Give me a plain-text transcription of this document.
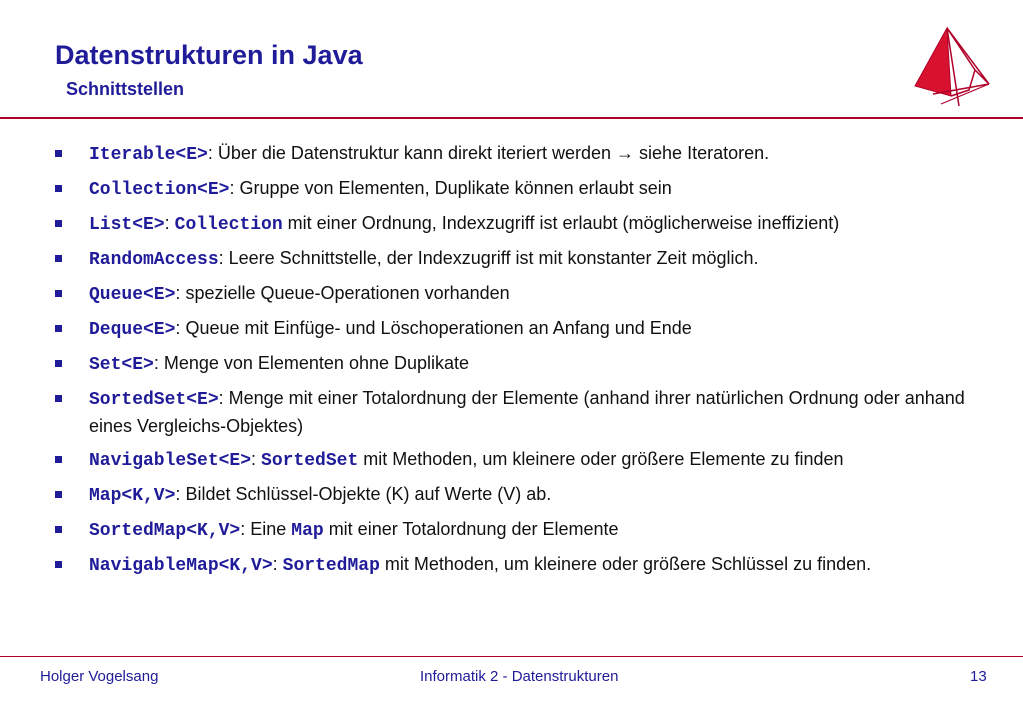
Datenstrukturen in Java
Schnittstellen
Iterable<E>: Über die Datenstruktur kann direkt iteriert werden → siehe Iteratoren.
Collection<E>: Gruppe von Elementen, Duplikate können erlaubt sein
List<E>: Collection mit einer Ordnung, Indexzugriff ist erlaubt (möglicherweise ineffizient)
RandomAccess: Leere Schnittstelle, der Indexzugriff ist mit konstanter Zeit möglich.
Queue<E>: spezielle Queue-Operationen vorhanden
Deque<E>: Queue mit Einfüge- und Löschoperationen an Anfang und Ende
Set<E>: Menge von Elementen ohne Duplikate
SortedSet<E>: Menge mit einer Totalordnung der Elemente (anhand ihrer natürlichen Ordnung oder anhand eines Vergleichs-Objektes)
NavigableSet<E>: SortedSet mit Methoden, um kleinere oder größere Elemente zu finden
Map<K,V>: Bildet Schlüssel-Objekte (K) auf Werte (V) ab.
SortedMap<K,V>: Eine Map mit einer Totalordnung der Elemente
NavigableMap<K,V>: SortedMap mit Methoden, um kleinere oder größere Schlüssel zu finden.
Holger Vogelsang	Informatik 2 - Datenstrukturen	13
